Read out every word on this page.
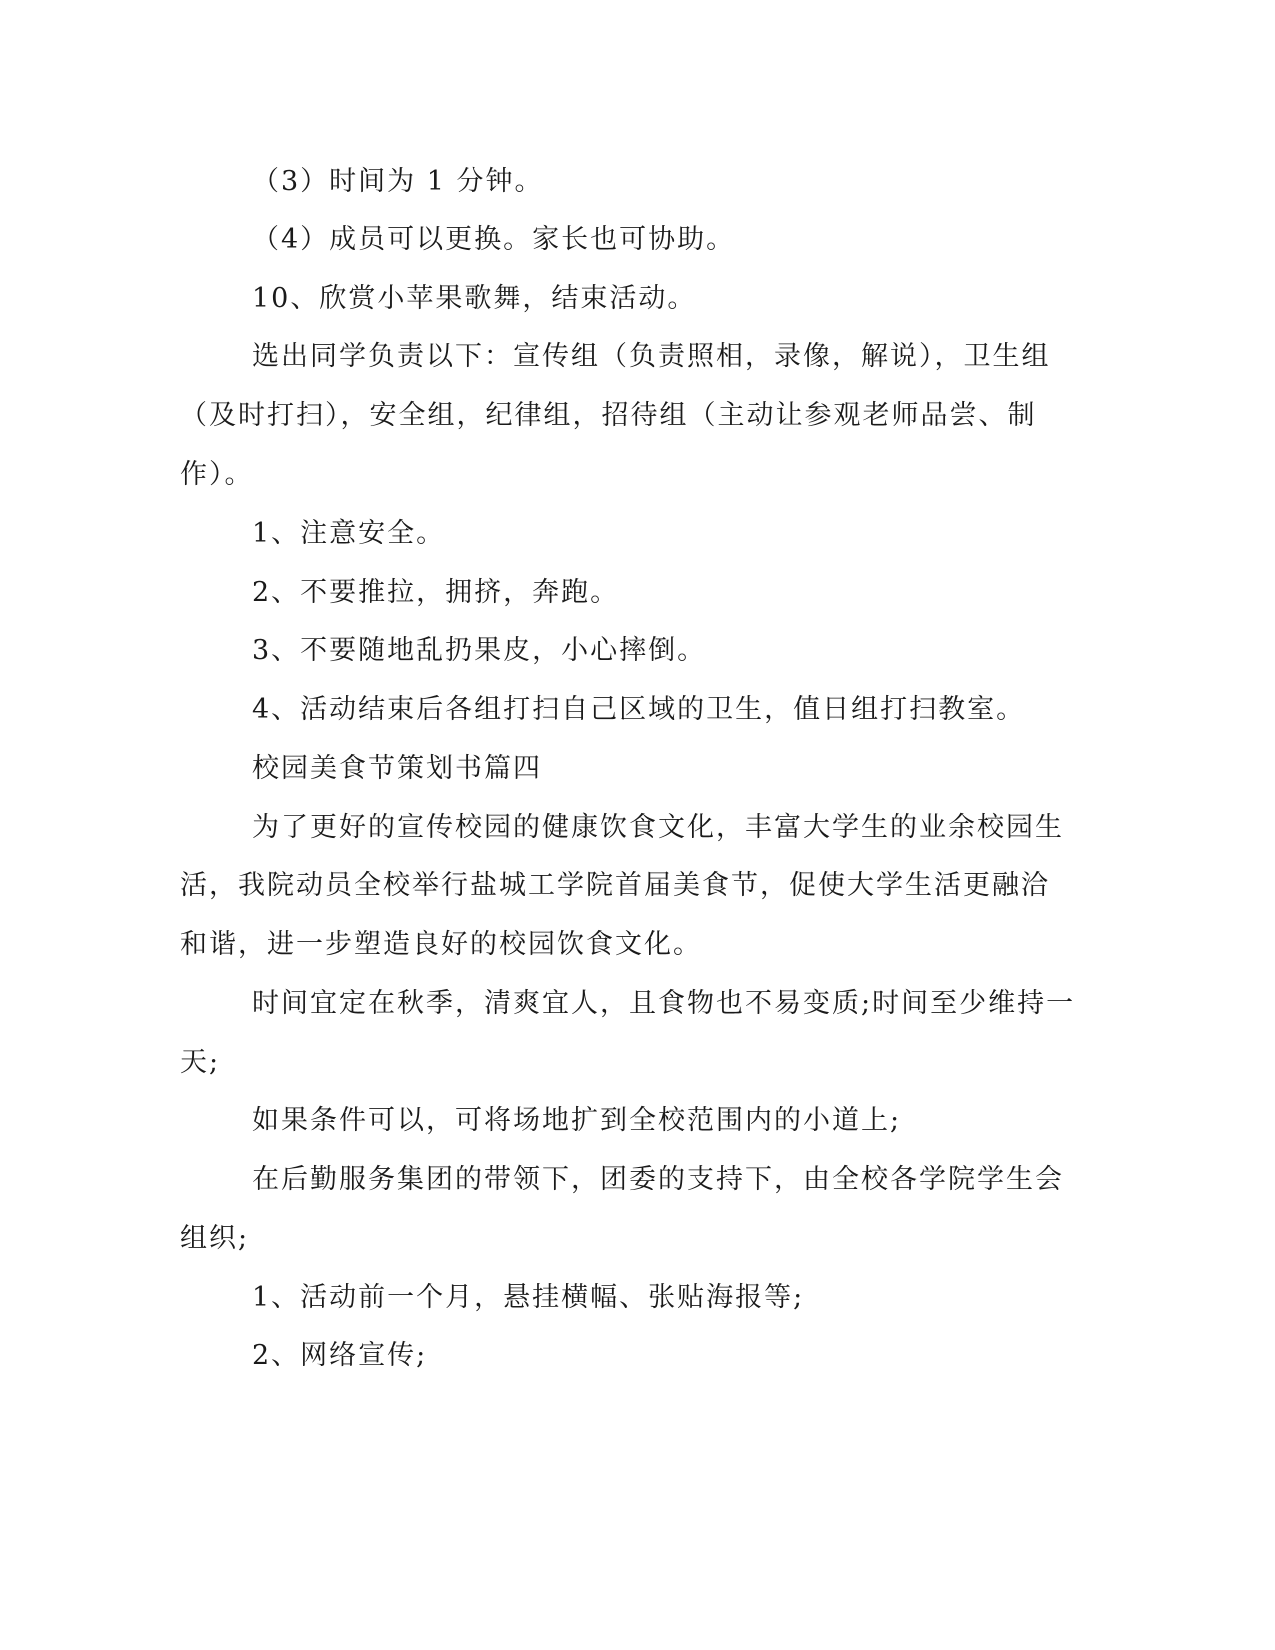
（3）时间为 1 分钟。
（4）成员可以更换。家长也可协助。
10、欣赏小苹果歌舞，结束活动。
选出同学负责以下：宣传组（负责照相，录像，解说），卫生组
（及时打扫），安全组，纪律组，招待组（主动让参观老师品尝、制
作）。
1、注意安全。
2、不要推拉，拥挤，奔跑。
3、不要随地乱扔果皮，小心摔倒。
4、活动结束后各组打扫自己区域的卫生，值日组打扫教室。
校园美食节策划书篇四
为了更好的宣传校园的健康饮食文化，丰富大学生的业余校园生
活，我院动员全校举行盐城工学院首届美食节，促使大学生活更融洽
和谐，进一步塑造良好的校园饮食文化。
时间宜定在秋季，清爽宜人，且食物也不易变质;时间至少维持一
天;
如果条件可以，可将场地扩到全校范围内的小道上;
在后勤服务集团的带领下，团委的支持下，由全校各学院学生会
组织;
1、活动前一个月，悬挂横幅、张贴海报等;
2、网络宣传;
